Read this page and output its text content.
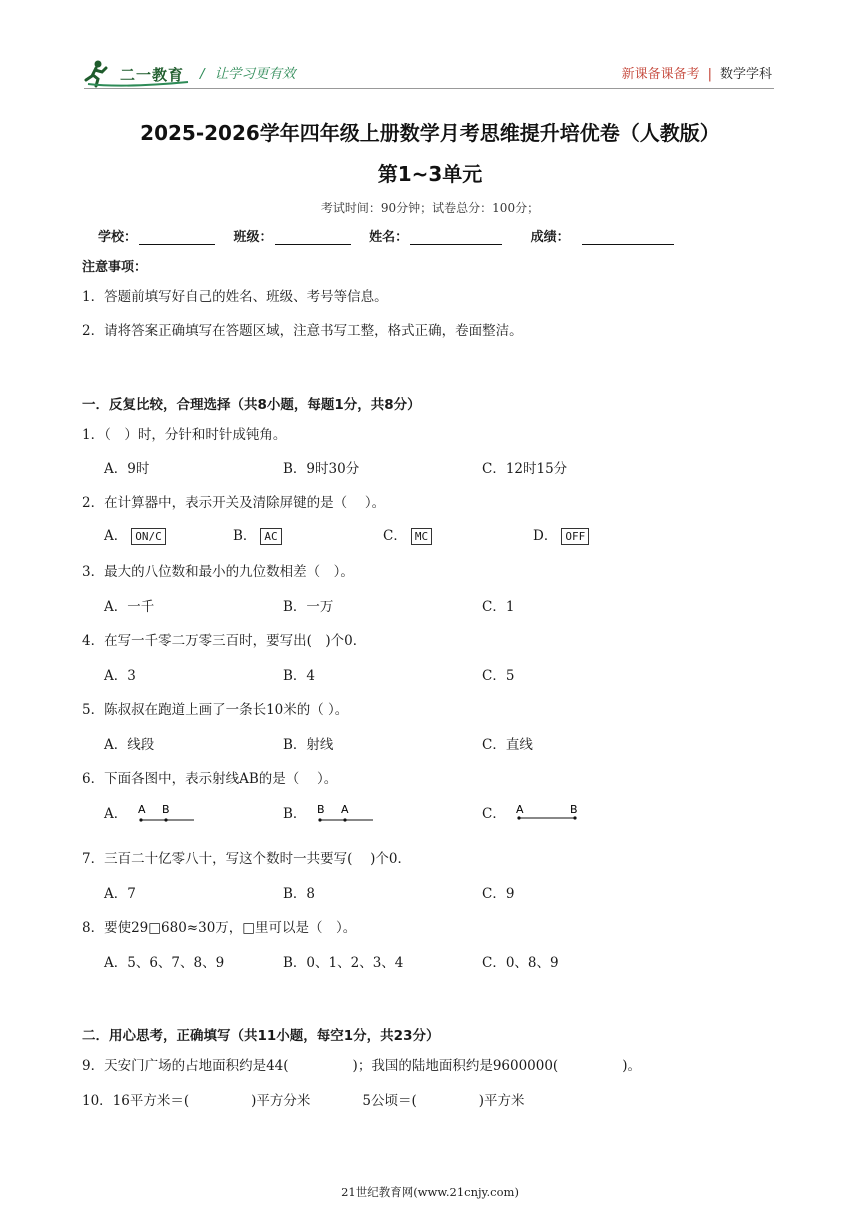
二一教育 / 让学习更有效	新课备课备考 | 数学学科
2025-2026学年四年级上册数学月考思维提升培优卷（人教版）
第1~3单元
考试时间：90分钟；试卷总分：100分；
学校：	班级：	姓名：	成绩：
注意事项：
1．答题前填写好自己的姓名、班级、考号等信息。
2．请将答案正确填写在答题区域，注意书写工整，格式正确，卷面整洁。
一．反复比较，合理选择（共8小题，每题1分，共8分）
1．（　）时，分针和时针成钝角。
A．9时	B．9时30分	C．12时15分
2．在计算器中，表示开关及清除屏键的是（　 ）。
A． ON/C	B． AC	C． MC	D． OFF
3．最大的八位数和最小的九位数相差（　）。
A．一千	B．一万	C．1
4．在写一千零二万零三百时，要写出(　)个0．
A．3	B．4	C．5
5．陈叔叔在跑道上画了一条长10米的（ ）。
A．线段	B．射线	C．直线
6．下面各图中，表示射线AB的是（　 ）。
A． A B	B． B A	C． A	B
7．三百二十亿零八十，写这个数时一共要写(　 )个0．
A．7	B．8	C．9
8．要使29□680≈30万，□里可以是（　）。
A．5、6、7、8、9	B．0、1、2、3、4	C．0、8、9
二．用心思考，正确填写（共11小题，每空1分，共23分）
9．天安门广场的占地面积约是44(	)；我国的陆地面积约是9600000(	)。
10．16平方米＝(	)平方分米	5公顷＝(	)平方米
21世纪教育网(www.21cnjy.com)
